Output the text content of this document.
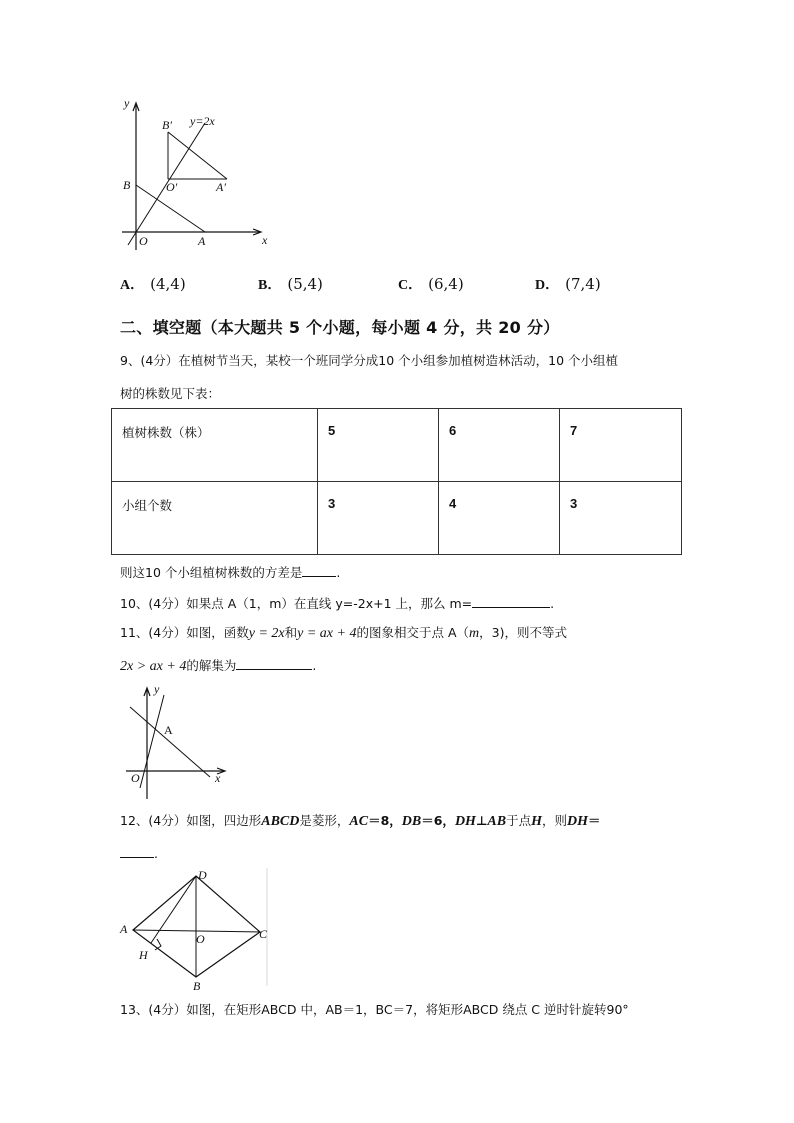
y
x
y=2x
B′
O′	A′
B
O	A
A． (4,4)	B． (5,4)	C． (6,4)	D． (7,4)
二、填空题（本大题共 5 个小题，每小题 4 分，共 20 分）
9、(4分）在植树节当天，某校一个班同学分成10 个小组参加植树造林活动，10 个小组植
树的株数见下表：
植树株数（株）	5	6	7
小组个数	3	4	3
则这10 个小组植树株数的方差是	.
10、(4分）如果点 A（1，m）在直线 y=-2x+1 上，那么 m=	.
11、(4分）如图，函数y = 2x和y = ax + 4的图象相交于点 A（m，3)，则不等式
2x > ax + 4的解集为	.
y
A
O	x
12、(4分）如图，四边形ABCD是菱形，AC＝8，DB＝6，DH⊥AB于点H，则DH＝
.
D
A
O	C
H
B
13、(4分）如图，在矩形ABCD 中，AB＝1，BC＝7，将矩形ABCD 绕点 C 逆时针旋转90°
